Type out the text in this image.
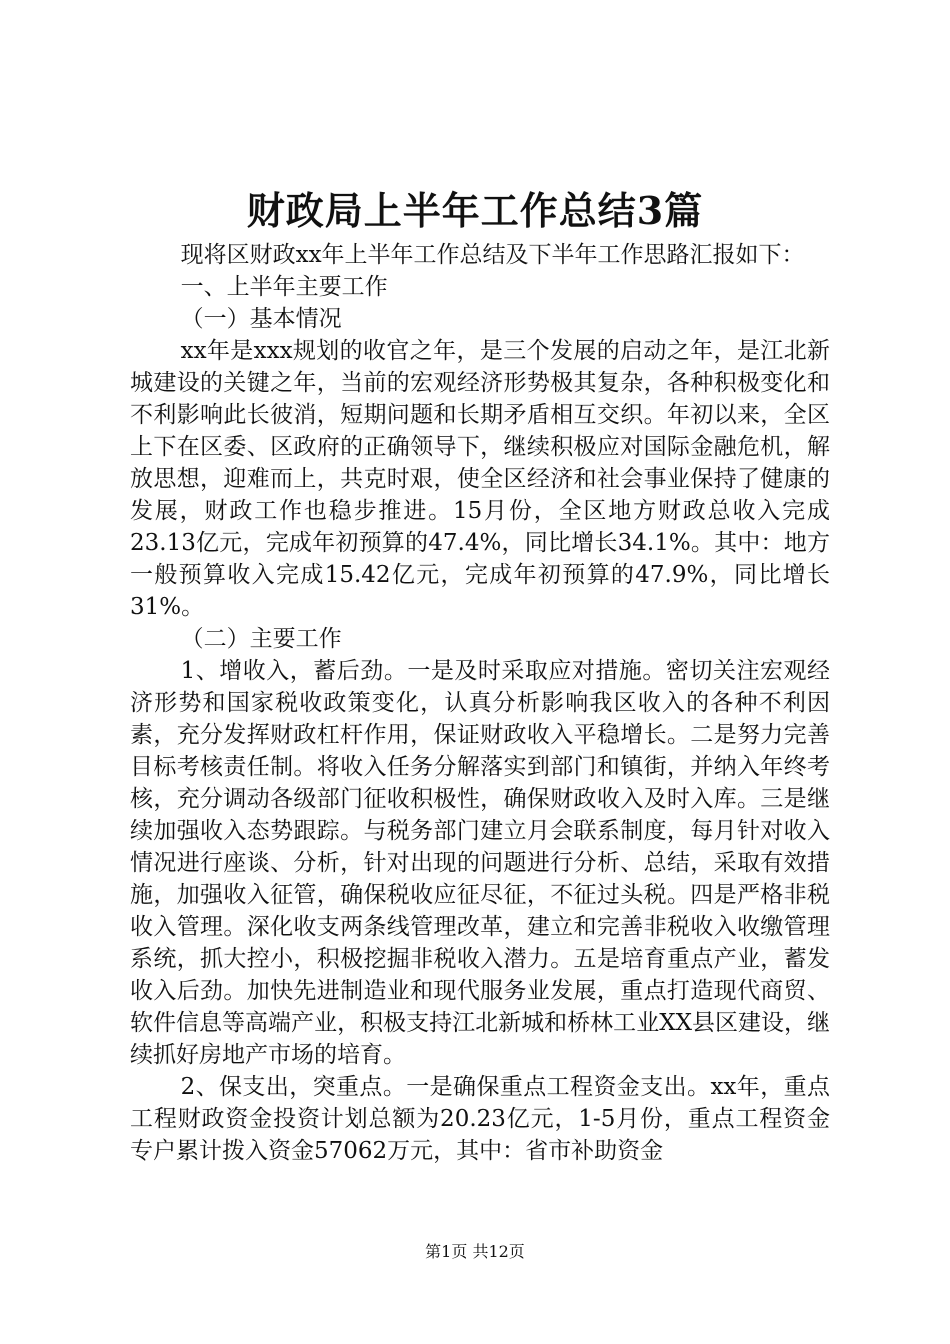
财政局上半年工作总结3篇

现将区财政xx年上半年工作总结及下半年工作思路汇报如下：

一、上半年主要工作

（一）基本情况

xx年是xxx规划的收官之年，是三个发展的启动之年，是江北新城建设的关键之年，当前的宏观经济形势极其复杂，各种积极变化和不利影响此长彼消，短期问题和长期矛盾相互交织。年初以来，全区上下在区委、区政府的正确领导下，继续积极应对国际金融危机，解放思想，迎难而上，共克时艰，使全区经济和社会事业保持了健康的发展，财政工作也稳步推进。15月份，全区地方财政总收入完成23.13亿元，完成年初预算的47.4%，同比增长34.1%。其中：地方一般预算收入完成15.42亿元，完成年初预算的47.9%，同比增长31%。

（二）主要工作

1、增收入，蓄后劲。一是及时采取应对措施。密切关注宏观经济形势和国家税收政策变化，认真分析影响我区收入的各种不利因素，充分发挥财政杠杆作用，保证财政收入平稳增长。二是努力完善目标考核责任制。将收入任务分解落实到部门和镇街，并纳入年终考核，充分调动各级部门征收积极性，确保财政收入及时入库。三是继续加强收入态势跟踪。与税务部门建立月会联系制度，每月针对收入情况进行座谈、分析，针对出现的问题进行分析、总结，采取有效措施，加强收入征管，确保税收应征尽征，不征过头税。四是严格非税收入管理。深化收支两条线管理改革，建立和完善非税收入收缴管理系统，抓大控小，积极挖掘非税收入潜力。五是培育重点产业，蓄发收入后劲。加快先进制造业和现代服务业发展，重点打造现代商贸、软件信息等高端产业，积极支持江北新城和桥林工业XX县区建设，继续抓好房地产市场的培育。

2、保支出，突重点。一是确保重点工程资金支出。xx年，重点工程财政资金投资计划总额为20.23亿元，1-5月份，重点工程资金专户累计拨入资金57062万元，其中：省市补助资金

第1页 共12页
